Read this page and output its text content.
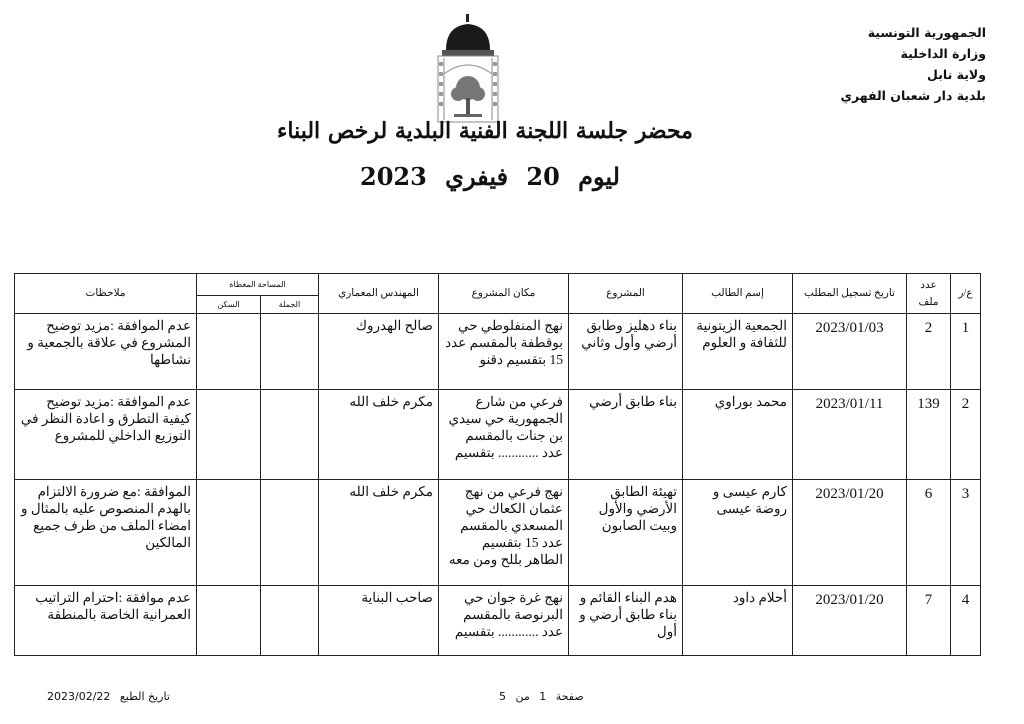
الجمهورية التونسية
وزارة الداخلية
ولاية نابل
بلدية دار شعبان الفهري
محضر جلسة اللجنة الفنية البلدية لرخص البناء
ليوم 20 فيفري 2023
ع/ر	عدد ملف	تاريخ تسجيل المطلب	إسم الطالب	المشروع	مكان المشروع	المهندس المعماري	المساحة المغطاة		ملاحظات
							الجملة	السكن	
1	2	2023/01/03	الجمعية الزيتونية للثقافة و العلوم	بناء دهليز وطابق أرضي وأول وثاني	نهج المنفلوطي حي بوقطفة بالمقسم عدد 15 بتقسيم دقنو	صالح الهدروك			عدم الموافقة :مزيد توضيح المشروع في علاقة بالجمعية و نشاطها
2	139	2023/01/11	محمد بوراوي	بناء طابق أرضي	فرعي من شارع الجمهورية حي سيدي بن جنات بالمقسم عدد ............ بتقسيم	مكرم خلف الله			عدم الموافقة :مزيد توضيح كيفية التطرق و اعادة النظر في التوزيع الداخلي للمشروع
3	6	2023/01/20	كارم عيسى و روضة عيسى	تهيئة الطابق الأرضي والأول وبيت الصابون	نهج فرعي من نهج عثمان الكعاك حي المسعدي بالمقسم عدد 15 بتقسيم الطاهر بللح ومن معه	مكرم خلف الله			الموافقة :مع ضرورة الالتزام بالهدم المنصوص عليه بالمثال و امضاء الملف من طرف جميع المالكين
4	7	2023/01/20	أحلام داود	هدم البناء القائم و بناء طابق أرضي و أول	نهج غرة جوان حي البرنوصة بالمقسم عدد ............ بتقسيم	صاحب البناية			عدم موافقة :احترام التراتيب العمرانية الخاصة بالمنطقة
صفحة 1 من 5
تاريخ الطبع 2023/02/22
